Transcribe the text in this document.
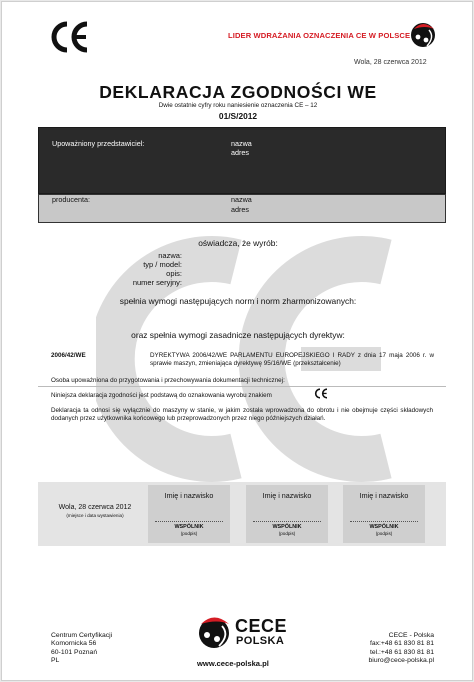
LIDER WDRAŻANIA OZNACZENIA CE W POLSCE
Wola, 28 czerwca 2012
DEKLARACJA ZGODNOŚCI WE
Dwie ostatnie cyfry roku naniesienie oznaczenia CE – 12
01/S/2012
Upoważniony przedstawiciel:	nazwa
adres
producenta:	nazwa
adres
oświadcza, że wyrób:
nazwa:
typ / model:
opis:
numer seryjny:
spełnia wymogi następujących norm i norm zharmonizowanych:
oraz spełnia wymogi zasadnicze następujących dyrektyw:
2006/42/WE	DYREKTYWA 2006/42/WE PARLAMENTU EUROPEJSKIEGO I RADY z dnia 17 maja 2006 r. w sprawie maszyn, zmieniająca dyrektywę 95/16/WE (przekształcenie)
Osoba upoważniona do przygotowania i przechowywania dokumentacji technicznej:
Niniejsza deklaracja zgodności jest podstawą do oznakowania wyrobu znakiem
Deklaracja ta odnosi się wyłącznie do maszyny w stanie, w jakim została wprowadzona do obrotu i nie obejmuje części składowych dodanych przez użytkownika końcowego lub przeprowadzonych przez niego późniejszych działań.
Wola, 28 czerwca 2012
(miejsce i data wystawienia)
Imię i nazwisko
WSPÓLNIK
(podpis)
Imię i nazwisko
WSPÓLNIK
(podpis)
Imię i nazwisko
WSPÓLNIK
(podpis)
Centrum Certyfikacji
Komornicka 56
60-101 Poznań
PL
CECE
POLSKA
www.cece-polska.pl
CECE - Polska
fax:+48 61 830 81 81
tel.:+48 61 830 81 81
biuro@cece-polska.pl
